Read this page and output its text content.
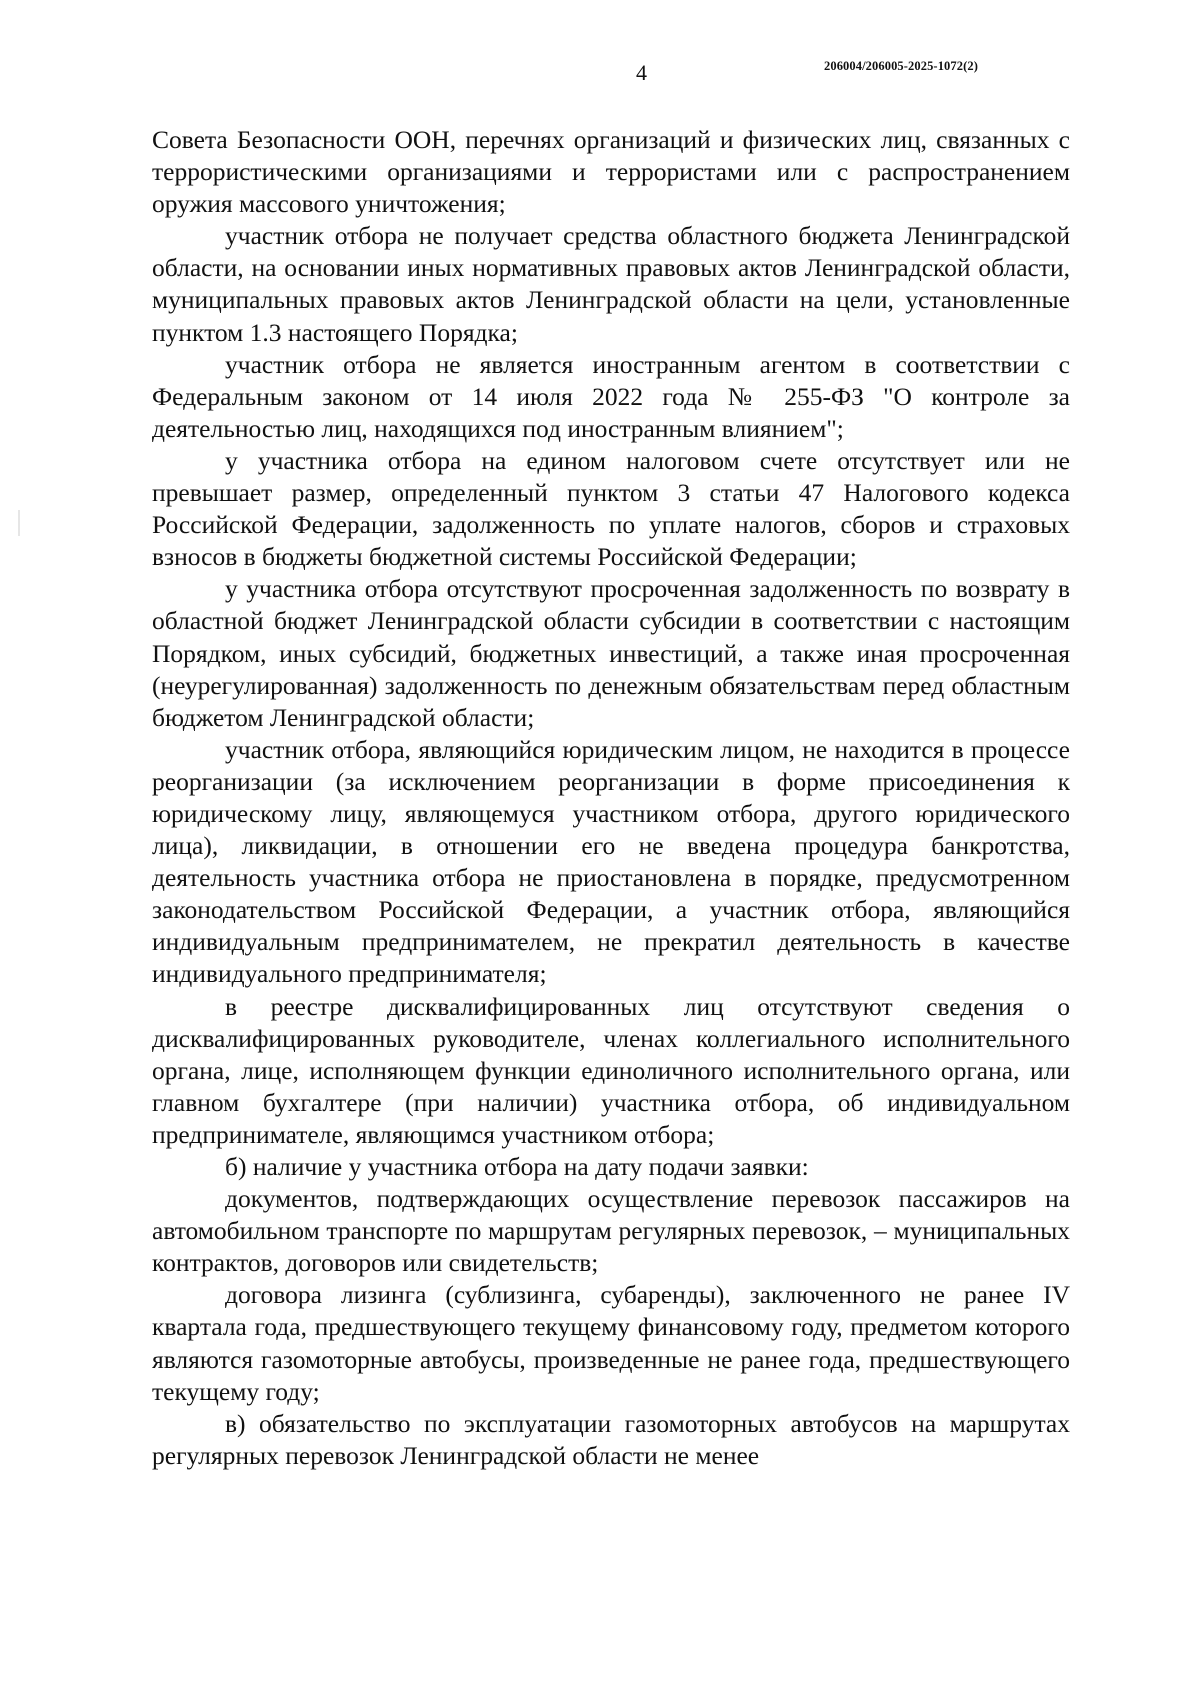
4	206004/206005-2025-1072(2)

Совета Безопасности ООН, перечнях организаций и физических лиц, связанных с террористическими организациями и террористами или с распространением оружия массового уничтожения;

участник отбора не получает средства областного бюджета Ленинградской области, на основании иных нормативных правовых актов Ленинградской области, муниципальных правовых актов Ленинградской области на цели, установленные пунктом 1.3 настоящего Порядка;

участник отбора не является иностранным агентом в соответствии с Федеральным законом от 14 июля 2022 года № 255-ФЗ "О контроле за деятельностью лиц, находящихся под иностранным влиянием";

у участника отбора на едином налоговом счете отсутствует или не превышает размер, определенный пунктом 3 статьи 47 Налогового кодекса Российской Федерации, задолженность по уплате налогов, сборов и страховых взносов в бюджеты бюджетной системы Российской Федерации;

у участника отбора отсутствуют просроченная задолженность по возврату в областной бюджет Ленинградской области субсидии в соответствии с настоящим Порядком, иных субсидий, бюджетных инвестиций, а также иная просроченная (неурегулированная) задолженность по денежным обязательствам перед областным бюджетом Ленинградской области;

участник отбора, являющийся юридическим лицом, не находится в процессе реорганизации (за исключением реорганизации в форме присоединения к юридическому лицу, являющемуся участником отбора, другого юридического лица), ликвидации, в отношении его не введена процедура банкротства, деятельность участника отбора не приостановлена в порядке, предусмотренном законодательством Российской Федерации, а участник отбора, являющийся индивидуальным предпринимателем, не прекратил деятельность в качестве индивидуального предпринимателя;

в реестре дисквалифицированных лиц отсутствуют сведения о дисквалифицированных руководителе, членах коллегиального исполнительного органа, лице, исполняющем функции единоличного исполнительного органа, или главном бухгалтере (при наличии) участника отбора, об индивидуальном предпринимателе, являющимся участником отбора;

б) наличие у участника отбора на дату подачи заявки:

документов, подтверждающих осуществление перевозок пассажиров на автомобильном транспорте по маршрутам регулярных перевозок, – муниципальных контрактов, договоров или свидетельств;

договора лизинга (сублизинга, субаренды), заключенного не ранее IV квартала года, предшествующего текущему финансовому году, предметом которого являются газомоторные автобусы, произведенные не ранее года, предшествующего текущему году;

в) обязательство по эксплуатации газомоторных автобусов на маршрутах регулярных перевозок Ленинградской области не менее
